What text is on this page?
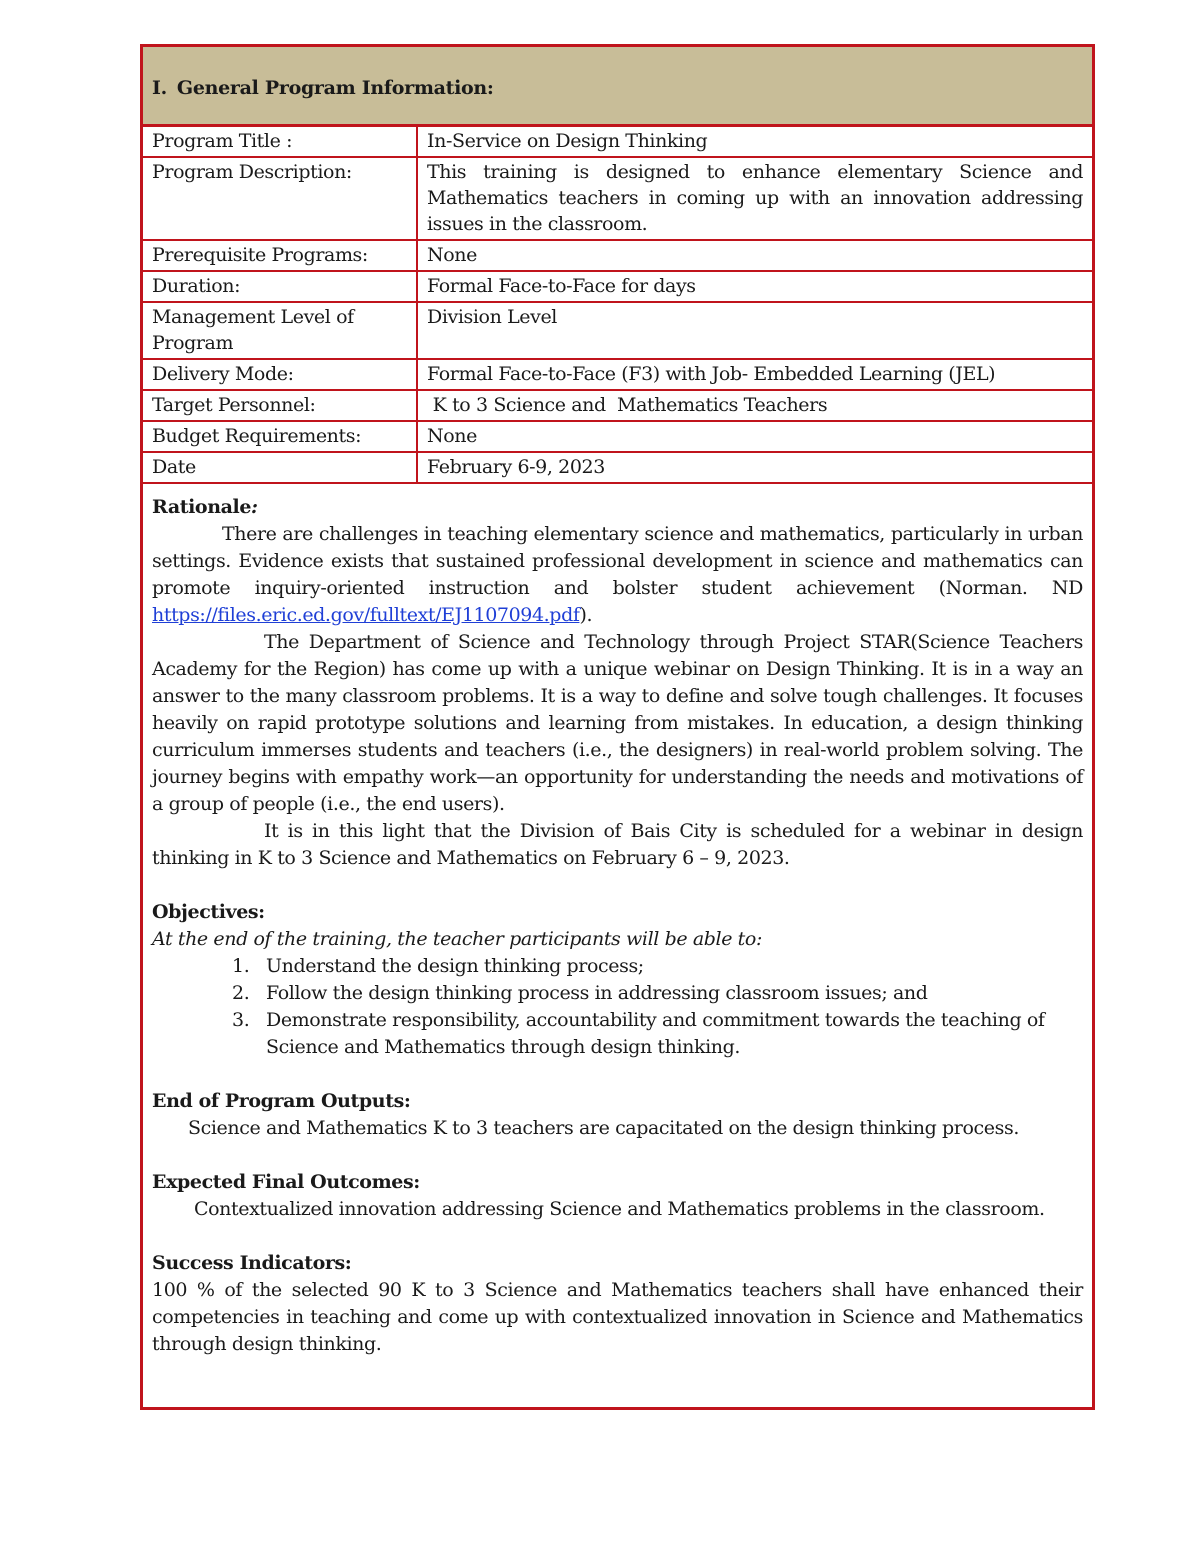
I. General Program Information:
Program Title :	In-Service on Design Thinking
Program Description:	This training is designed to enhance elementary Science and Mathematics teachers in coming up with an innovation addressing issues in the classroom.
Prerequisite Programs:	None
Duration:	Formal Face-to-Face for days
Management Level of Program	Division Level
Delivery Mode:	Formal Face-to-Face (F3) with Job- Embedded Learning (JEL)
Target Personnel:	K to 3 Science and  Mathematics Teachers
Budget Requirements:	None
Date	February 6-9, 2023

Rationale:

There are challenges in teaching elementary science and mathematics, particularly in urban settings. Evidence exists that sustained professional development in science and mathematics can promote inquiry-oriented instruction and bolster student achievement (Norman. ND https://files.eric.ed.gov/fulltext/EJ1107094.pdf).

The Department of Science and Technology through Project STAR(Science Teachers Academy for the Region) has come up with a unique webinar on Design Thinking. It is in a way an answer to the many classroom problems. It is a way to define and solve tough challenges. It focuses heavily on rapid prototype solutions and learning from mistakes. In education, a design thinking curriculum immerses students and teachers (i.e., the designers) in real-world problem solving. The journey begins with empathy work—an opportunity for understanding the needs and motivations of a group of people (i.e., the end users).

It is in this light that the Division of Bais City is scheduled for a webinar in design thinking in K to 3 Science and Mathematics on February 6 – 9, 2023.

Objectives:

At the end of the training, the teacher participants will be able to:

1. Understand the design thinking process;
2. Follow the design thinking process in addressing classroom issues; and
3. Demonstrate responsibility, accountability and commitment towards the teaching of Science and Mathematics through design thinking.

End of Program Outputs:

Science and Mathematics K to 3 teachers are capacitated on the design thinking process.

Expected Final Outcomes:

Contextualized innovation addressing Science and Mathematics problems in the classroom.

Success Indicators:

100 % of the selected 90 K to 3 Science and Mathematics teachers shall have enhanced their competencies in teaching and come up with contextualized innovation in Science and Mathematics through design thinking.
